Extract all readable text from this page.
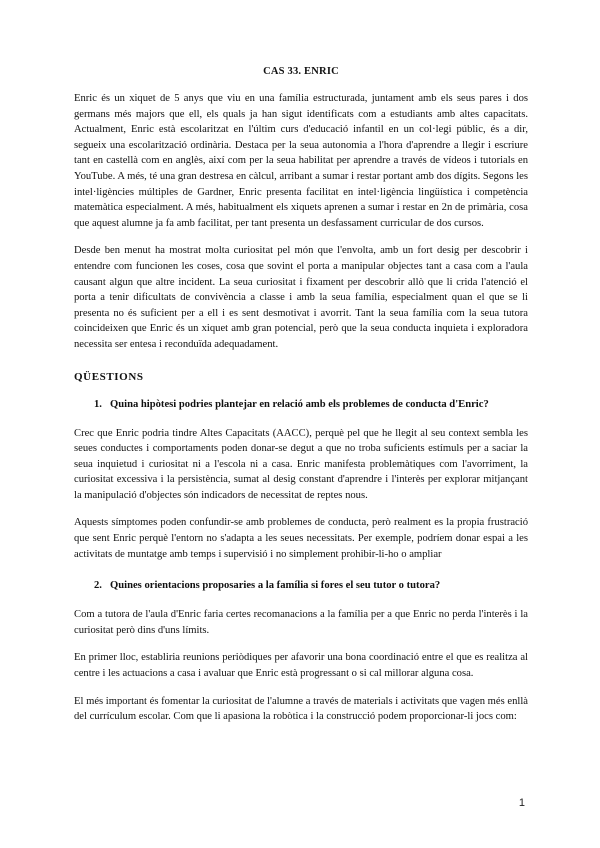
CAS 33. ENRIC

Enric és un xiquet de 5 anys que viu en una família estructurada, juntament amb els seus pares i dos germans més majors que ell, els quals ja han sigut identificats com a estudiants amb altes capacitats. Actualment, Enric està escolaritzat en l'últim curs d'educació infantil en un col·legi públic, és a dir, segueix una escolarització ordinària. Destaca per la seua autonomia a l'hora d'aprendre a llegir i escriure tant en castellà com en anglès, així com per la seua habilitat per aprendre a través de vídeos i tutorials en YouTube. A més, té una gran destresa en càlcul, arribant a sumar i restar portant amb dos dígits. Segons les intel·ligències múltiples de Gardner, Enric presenta facilitat en intel·ligència lingüística i competència matemàtica especialment. A més, habitualment els xiquets aprenen a sumar i restar en 2n de primària, cosa que aquest alumne ja fa amb facilitat, per tant presenta un desfassament curricular de dos cursos.

Desde ben menut ha mostrat molta curiositat pel món que l'envolta, amb un fort desig per descobrir i entendre com funcionen les coses, cosa que sovint el porta a manipular objectes tant a casa com a l'aula causant algun que altre incident. La seua curiositat i fixament per descobrir allò que li crida l'atenció el porta a tenir dificultats de convivència a classe i amb la seua família, especialment quan el que se li presenta no és suficient per a ell i es sent desmotivat i avorrit. Tant la seua família com la seua tutora coincideixen que Enric és un xiquet amb gran potencial, però que la seua conducta inquieta i exploradora necessita ser entesa i reconduïda adequadament.

QÜESTIONS
1. Quina hipòtesi podries plantejar en relació amb els problemes de conducta d'Enric?

Crec que Enric podria tindre Altes Capacitats (AACC), perquè pel que he llegit al seu context sembla les seues conductes i comportaments poden donar-se degut a que no troba suficients estímuls per a saciar la seua inquietud i curiositat ni a l'escola ni a casa. Enric manifesta problemàtiques com l'avorriment, la curiositat excessiva i la persistència, sumat al desig constant d'aprendre i l'interès per explorar mitjançant la manipulació d'objectes són indicadors de necessitat de reptes nous.

Aquests símptomes poden confundir-se amb problemes de conducta, però realment es la propia frustració que sent Enric perquè l'entorn no s'adapta a les seues necessitats. Per exemple, podríem donar espai a les activitats de muntatge amb temps i supervisió i no simplement prohibir-li-ho o ampliar

2. Quines orientacions proposaries a la família si fores el seu tutor o tutora?

Com a tutora de l'aula d'Enric faria certes recomanacions a la família per a que Enric no perda l'interès i la curiositat però dins d'uns límits.

En primer lloc, establiria reunions periòdiques per afavorir una bona coordinació entre el que es realitza al centre i les actuacions a casa i avaluar que Enric està progressant o si cal millorar alguna cosa.

El més important és fomentar la curiositat de l'alumne a través de materials i activitats que vagen més enllà del currículum escolar. Com que li apasiona la robòtica i la construcció podem proporcionar-li jocs com:

1
